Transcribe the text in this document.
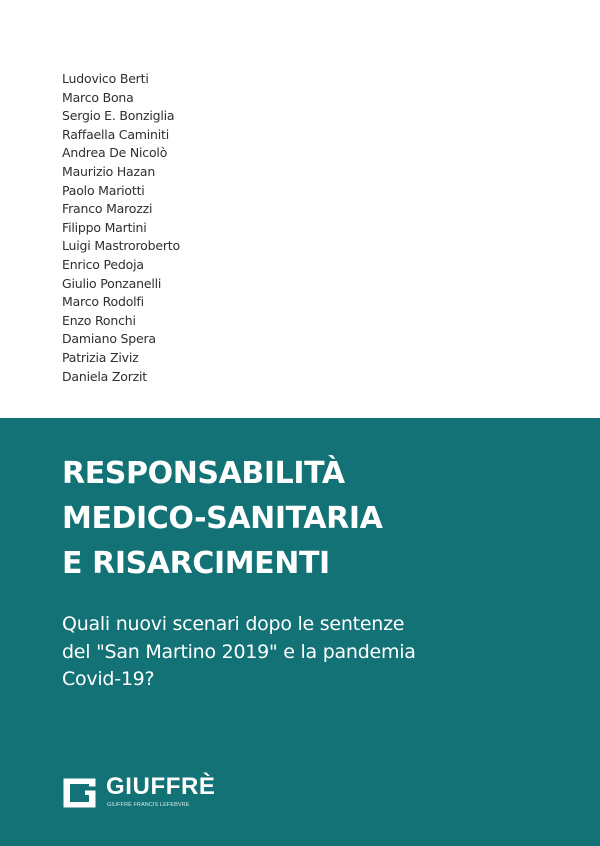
Ludovico Berti
Marco Bona
Sergio E. Bonziglia
Raffaella Caminiti
Andrea De Nicolò
Maurizio Hazan
Paolo Mariotti
Franco Marozzi
Filippo Martini
Luigi Mastroroberto
Enrico Pedoja
Giulio Ponzanelli
Marco Rodolfi
Enzo Ronchi
Damiano Spera
Patrizia Ziviz
Daniela Zorzit
RESPONSABILITÀ
MEDICO-SANITARIA
E RISARCIMENTI

Quali nuovi scenari dopo le sentenze
del "San Martino 2019" e la pandemia
Covid-19?

GIUFFRÈ
GIUFFRÈ FRANCIS LEFEBVRE
